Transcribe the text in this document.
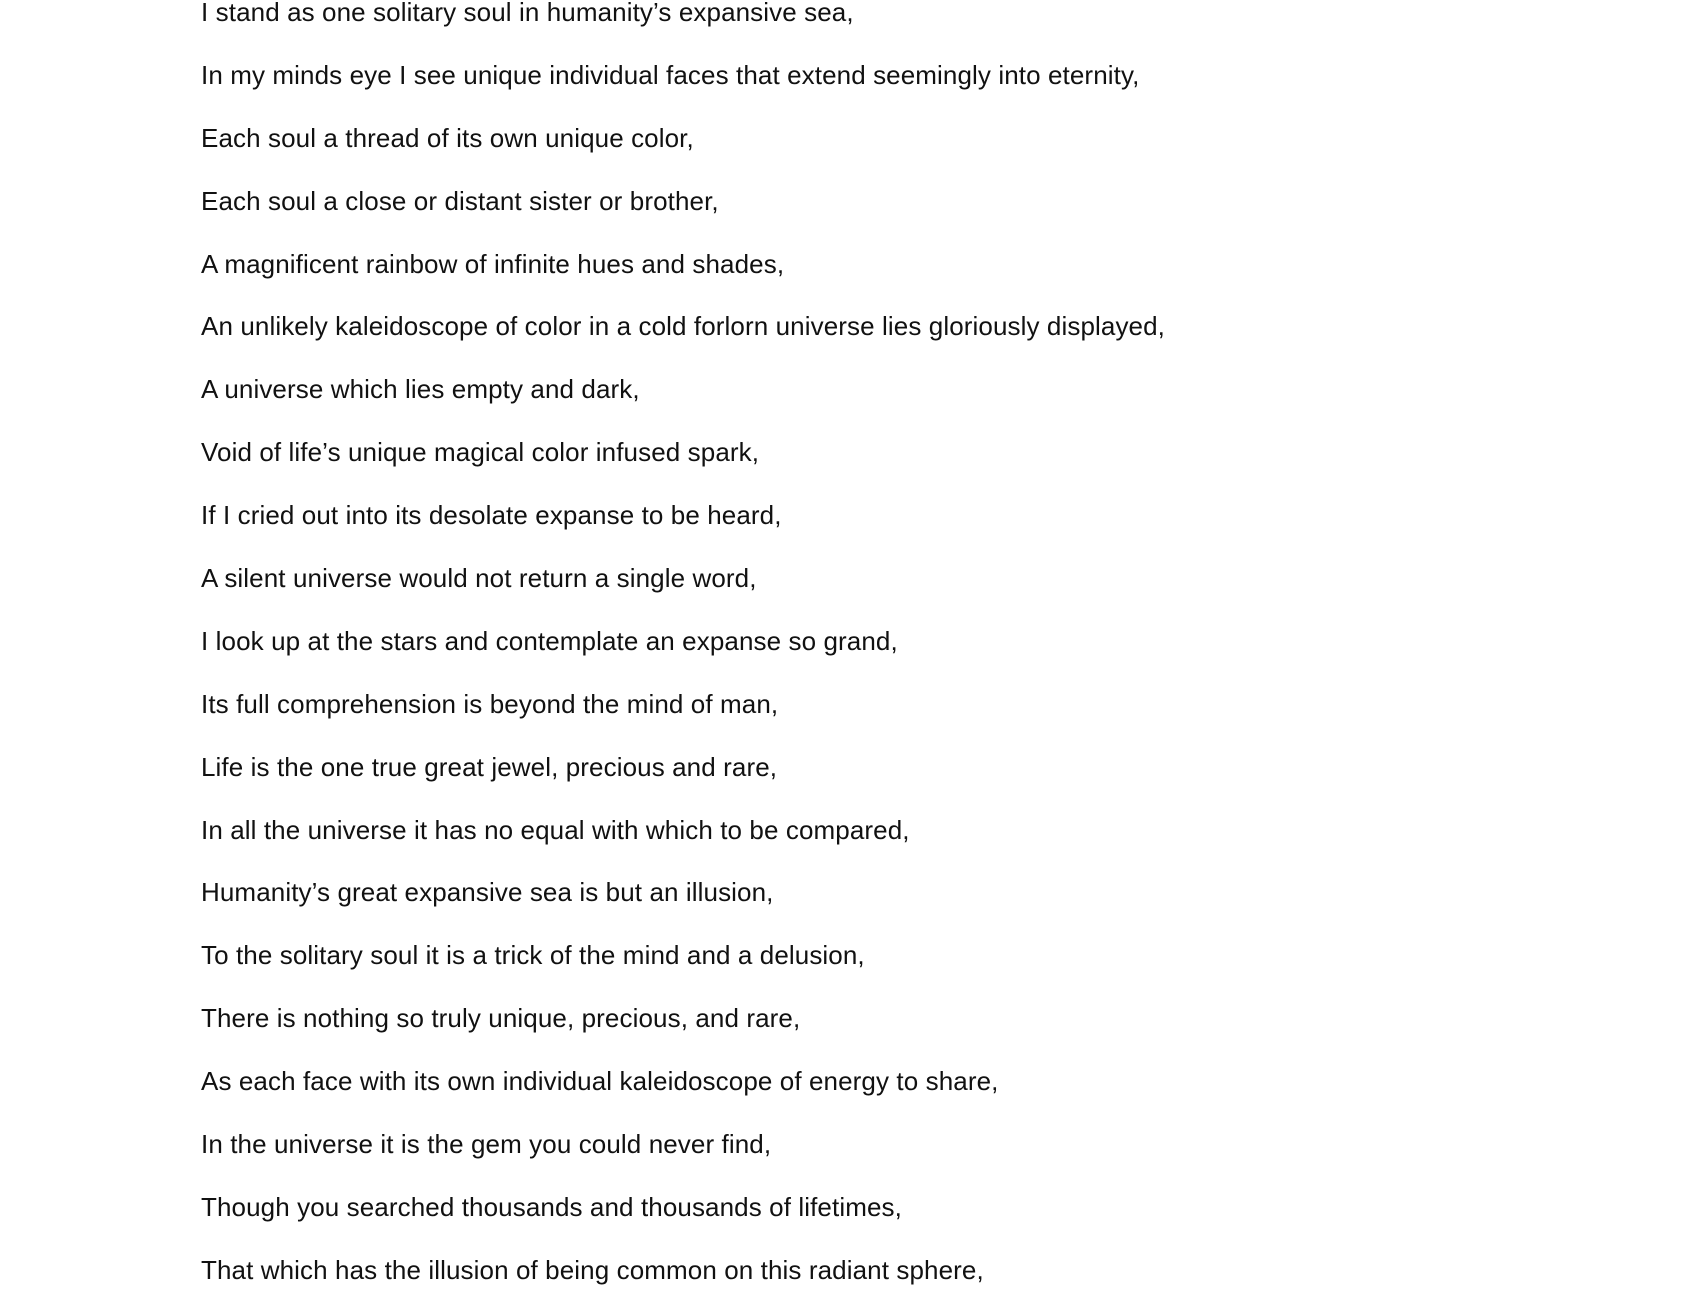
I stand as one solitary soul in humanity’s expansive sea,
In my minds eye I see unique individual faces that extend seemingly into eternity,
Each soul a thread of its own unique color,
Each soul a close or distant sister or brother,
A magnificent rainbow of infinite hues and shades,
An unlikely kaleidoscope of color in a cold forlorn universe lies gloriously displayed,
A universe which lies empty and dark,
Void of life’s unique magical color infused spark,
If I cried out into its desolate expanse to be heard,
A silent universe would not return a single word,
I look up at the stars and contemplate an expanse so grand,
Its full comprehension is beyond the mind of man,
Life is the one true great jewel, precious and rare,
In all the universe it has no equal with which to be compared,
Humanity’s great expansive sea is but an illusion,
To the solitary soul it is a trick of the mind and a delusion,
There is nothing so truly unique, precious, and rare,
As each face with its own individual kaleidoscope of energy to share,
In the universe it is the gem you could never find,
Though you searched thousands and thousands of lifetimes,
That which has the illusion of being common on this radiant sphere,
